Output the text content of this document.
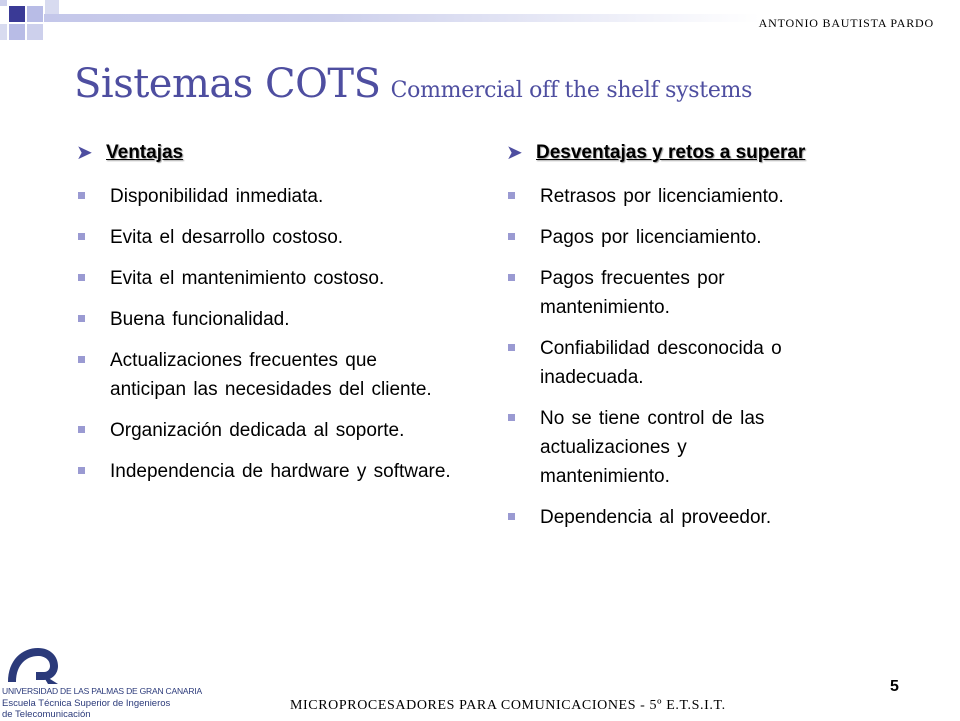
ANTONIO BAUTISTA PARDO
Sistemas COTS Commercial off the shelf systems
➤ Ventajas
Disponibilidad inmediata.
Evita el desarrollo costoso.
Evita el mantenimiento costoso.
Buena funcionalidad.
Actualizaciones frecuentes que anticipan las necesidades del cliente.
Organización dedicada al soporte.
Independencia de hardware y software.
➤ Desventajas y retos a superar
Retrasos por licenciamiento.
Pagos por licenciamiento.
Pagos frecuentes por mantenimiento.
Confiabilidad desconocida o inadecuada.
No se tiene control de las actualizaciones y mantenimiento.
Dependencia al proveedor.
UNIVERSIDAD DE LAS PALMAS DE GRAN CANARIA
Escuela Técnica Superior de Ingenieros
de Telecomunicación
MICROPROCESADORES PARA COMUNICACIONES - 5º E.T.S.I.T.
5
